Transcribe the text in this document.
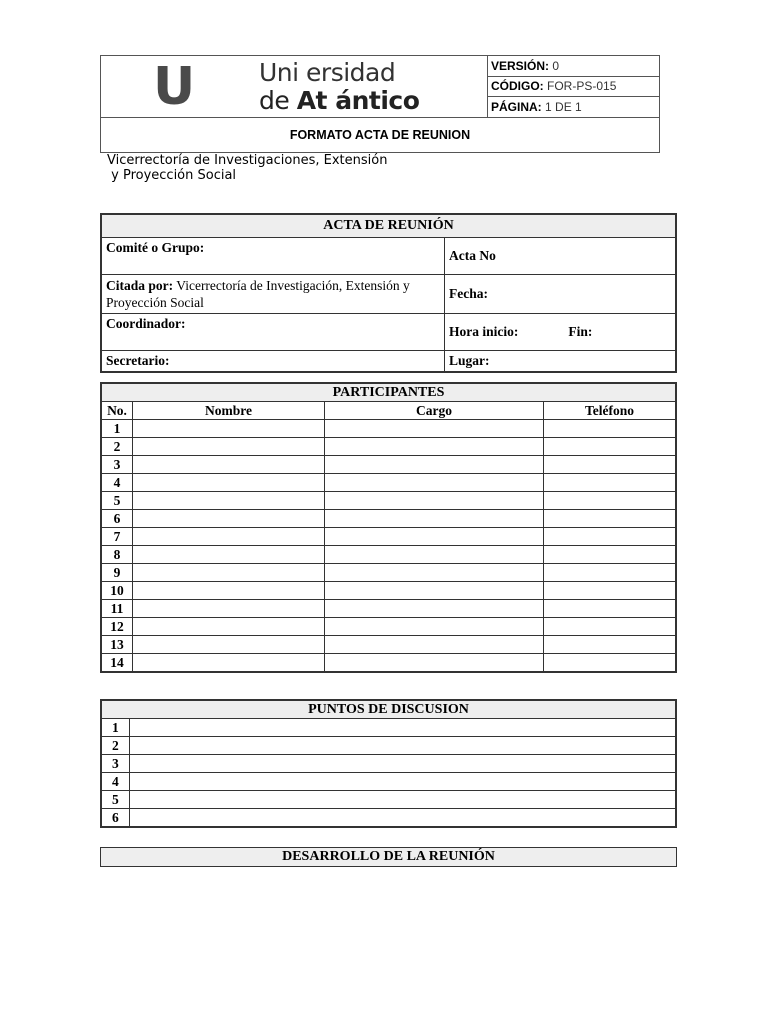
U	Uni ersidad
de At ántico
	VERSIÓN: 0
CÓDIGO: FOR-PS-015
PÁGINA: 1 DE 1
FORMATO ACTA DE REUNION
Vicerrectoría de Investigaciones, Extensión
y Proyección Social
ACTA DE REUNIÓN	
Comité o Grupo:	Acta No
Citada por: Vicerrectoría de Investigación, Extensión y Proyección Social	Fecha:
Coordinador:	Hora inicio: Fin:
Secretario:	Lugar:
PARTICIPANTES			
No.	Nombre	Cargo	Teléfono
1			
2			
3			
4			
5			
6			
7			
8			
9			
10			
11			
12			
13			
14			
PUNTOS DE DISCUSION	
1	
2	
3	
4	
5	
6	
DESARROLLO DE LA REUNIÓN
